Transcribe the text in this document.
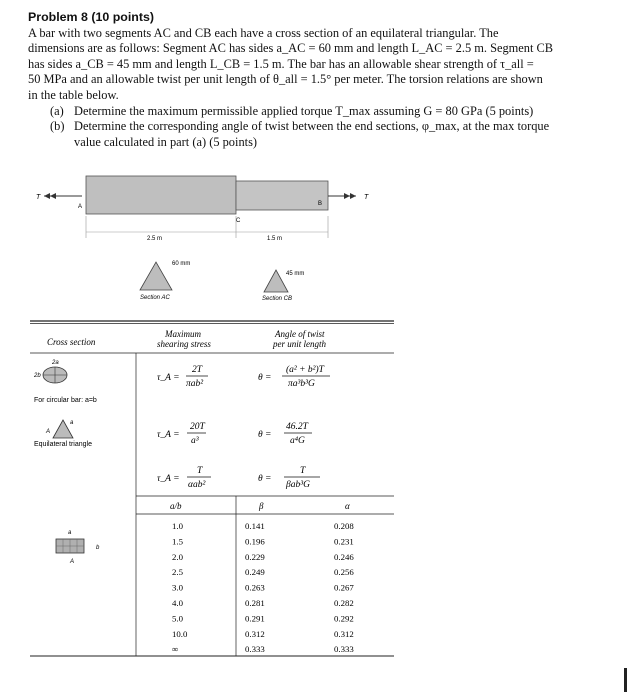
Problem 8 (10 points)
A bar with two segments AC and CB each have a cross section of an equilateral triangular. The
dimensions are as follows: Segment AC has sides a_AC = 60 mm and length L_AC = 2.5 m. Segment CB
has sides a_CB = 45 mm and length L_CB = 1.5 m. The bar has an allowable shear strength of τ_all =
50 MPa and an allowable twist per unit length of θ_all = 1.5° per meter. The torsion relations are shown
in the table below.
(a) Determine the maximum permissible applied torque T_max assuming G = 80 GPa (5 points)
(b) Determine the corresponding angle of twist between the end sections, φ_max, at the max torque
value calculated in part (a) (5 points)
T	T
A	B
C
2.5 m	1.5 m
60 mm
Section AC
45 mm
Section CB
Cross section
Maximum
shearing stress
Angle of twist
per unit length
2a
2b
For circular bar: a=b
τ_A =
2T
πab²
θ =
(a² + b²)T
πa³b³G
A
a
Equilateral triangle
τ_A =
20T
a³
θ =
46.2T
a⁴G
τ_A =
T
αab²
θ =
T
βab³G
a/b	β	α
a
b
A
1.0	0.141	0.208
1.5	0.196	0.231
2.0	0.229	0.246
2.5	0.249	0.256
3.0	0.263	0.267
4.0	0.281	0.282
5.0	0.291	0.292
10.0	0.312	0.312
∞	0.333	0.333
